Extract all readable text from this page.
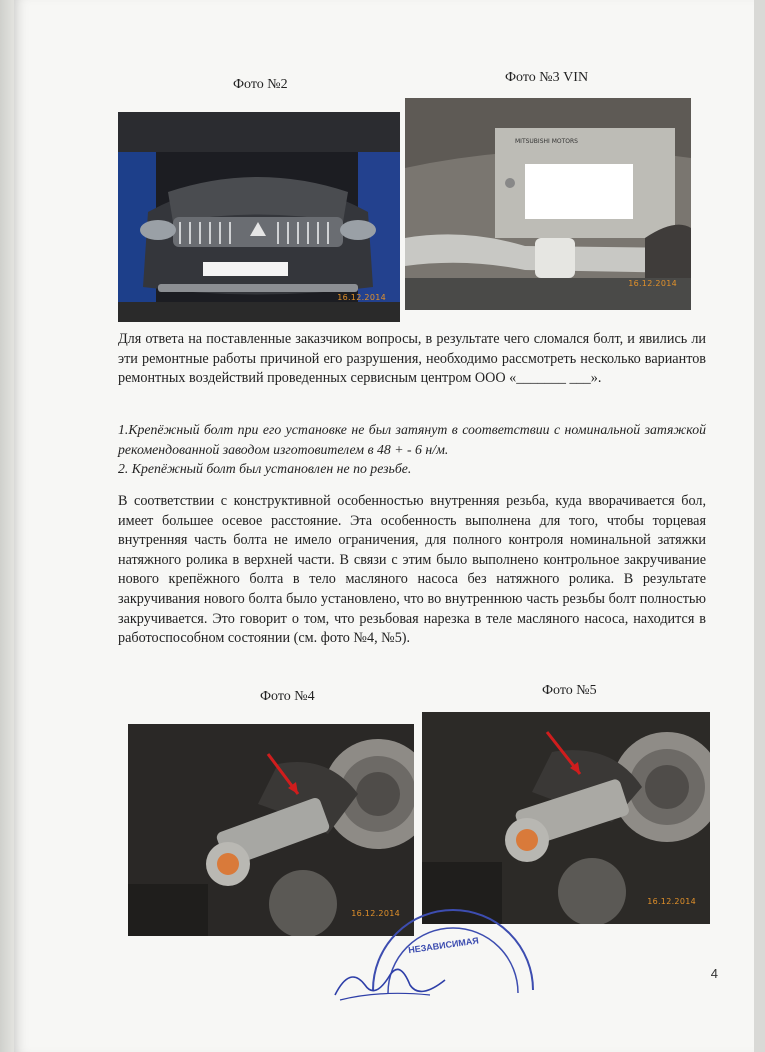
Фото №2	Фото №3 VIN
16.12.2014
MITSUBISHI MOTORS
16.12.2014

Для ответа на поставленные заказчиком вопросы, в результате чего сломался болт, и явились ли эти ремонтные работы причиной его разрушения, необходимо рассмотреть несколько вариантов ремонтных воздействий проведенных сервисным центром ООО «_______ ___».

1.Крепёжный болт при его установке не был затянут в соответствии с номинальной затяжкой рекомендованной заводом изготовителем в 48 + - 6 н/м.

2. Крепёжный болт был установлен не по резьбе.

В соответствии с конструктивной особенностью внутренняя резьба, куда вворачивается бол, имеет большее осевое расстояние. Эта особенность выполнена для того, чтобы торцевая внутренняя часть болта не имело ограничения, для полного контроля номинальной затяжки натяжного ролика в верхней части. В связи с этим было выполнено контрольное закручивание нового крепёжного болта в тело масляного насоса без натяжного ролика. В результате закручивания нового болта было установлено, что во внутреннюю часть резьбы болт полностью закручивается. Это говорит о том, что резьбовая нарезка в теле масляного насоса, находится в работоспособном состоянии (см. фото №4, №5).

Фото №4	Фото №5
16.12.2014
16.12.2014
НЕЗАВИСИМАЯ
4
